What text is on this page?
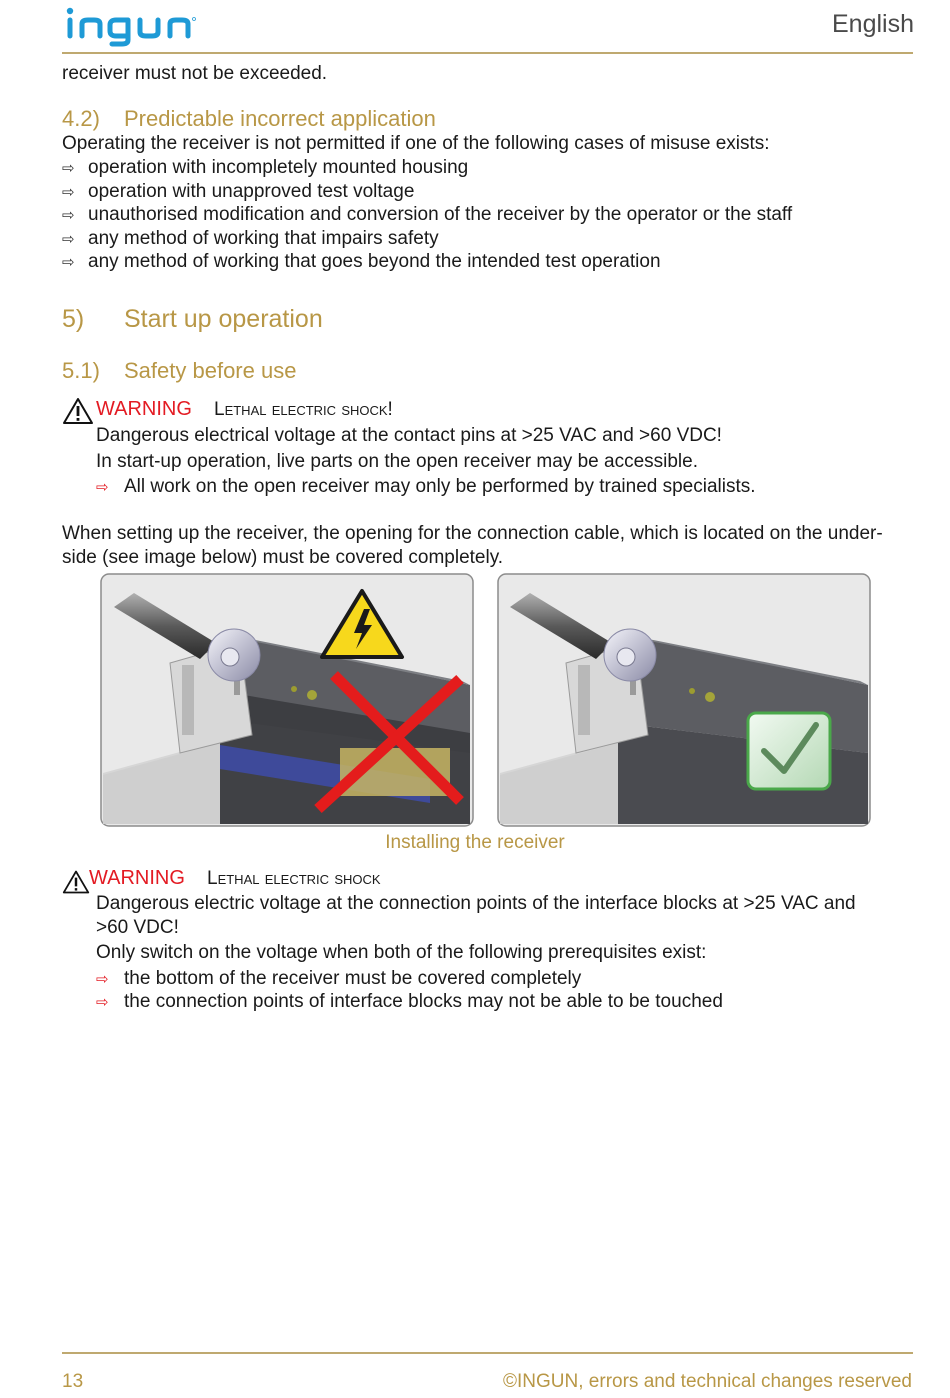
English
receiver must not be exceeded.
4.2) Predictable incorrect application
Operating the receiver is not permitted if one of the following cases of misuse exists:
⇨ operation with incompletely mounted housing
⇨ operation with unapproved test voltage
⇨ unauthorised modification and conversion of the receiver by the operator or the staff
⇨ any method of working that impairs safety
⇨ any method of working that goes beyond the intended test operation
5) Start up operation
5.1) Safety before use
WARNING Lethal electric shock!
Dangerous electrical voltage at the contact pins at >25 VAC and >60 VDC!
In start-up operation, live parts on the open receiver may be accessible.
⇨ All work on the open receiver may only be performed by trained specialists.
When setting up the receiver, the opening for the connection cable, which is located on the under-
side (see image below) must be covered completely.
Installing the receiver
WARNING Lethal electric shock
Dangerous electric voltage at the connection points of the interface blocks at >25 VAC and
>60 VDC!
Only switch on the voltage when both of the following prerequisites exist:
⇨ the bottom of the receiver must be covered completely
⇨ the connection points of interface blocks may not be able to be touched
13	©INGUN, errors and technical changes reserved
